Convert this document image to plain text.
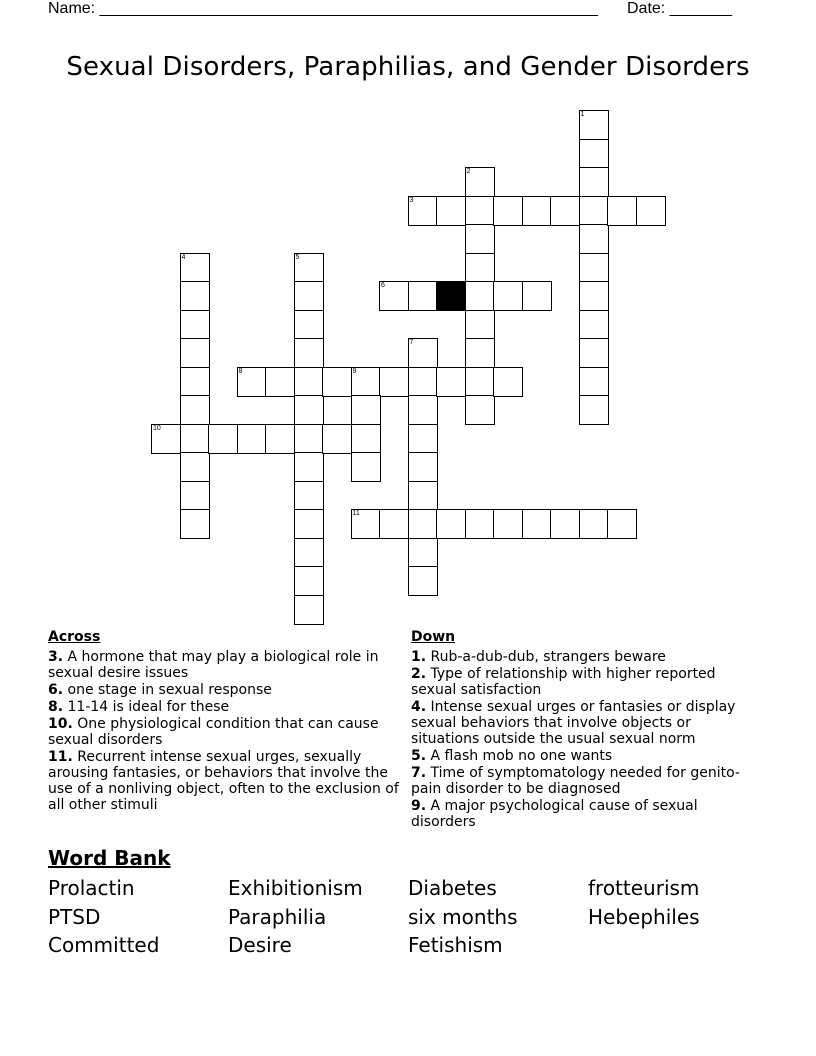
Name: ________________________________________________________ Date: _______
Sexual Disorders, Paraphilias, and Gender Disorders
1
2
3
4	5
6
7
8	9
10
11
Across
3. A hormone that may play a biological role in sexual desire issues
6. one stage in sexual response
8. 11-14 is ideal for these
10. One physiological condition that can cause sexual disorders
11. Recurrent intense sexual urges, sexually arousing fantasies, or behaviors that involve the use of a nonliving object, often to the exclusion of all other stimuli
Down
1. Rub-a-dub-dub, strangers beware
2. Type of relationship with higher reported sexual satisfaction
4. Intense sexual urges or fantasies or display sexual behaviors that involve objects or situations outside the usual sexual norm
5. A flash mob no one wants
7. Time of symptomatology needed for genito-pain disorder to be diagnosed
9. A major psychological cause of sexual disorders
Word Bank
Prolactin	Exhibitionism	Diabetes	frotteurism
PTSD	Paraphilia	six months	Hebephiles
Committed	Desire	Fetishism
